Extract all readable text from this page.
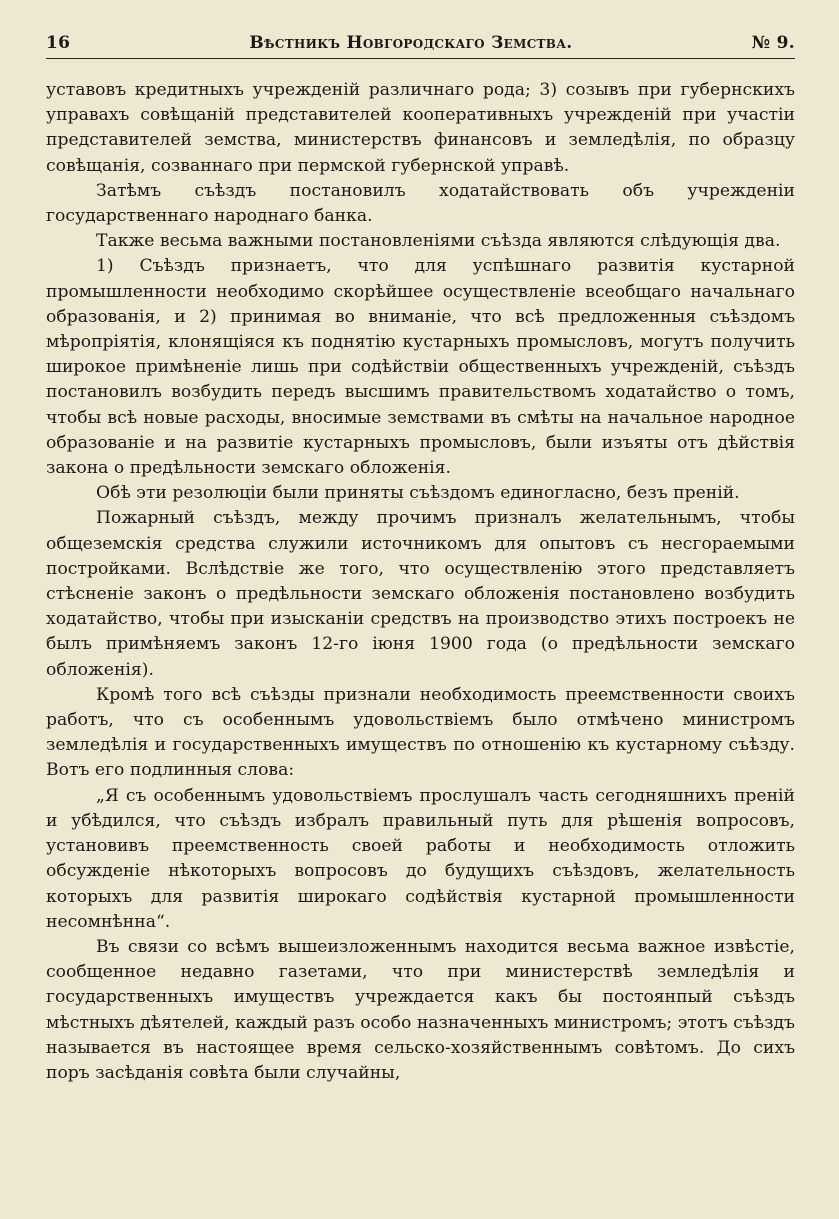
16	Вѣстникъ Новгородскаго Земства.	№ 9.

уставовъ кредитныхъ учрежденій различнаго рода; 3) созывъ при губернскихъ управахъ совѣщаній представителей кооперативныхъ учрежденій при участіи представителей земства, министерствъ финансовъ и земледѣлія, по образцу совѣщанія, созваннаго при пермской губернской управѣ.

Затѣмъ съѣздъ постановилъ ходатайствовать объ учрежденіи государственнаго народнаго банка.

Также весьма важными постановленіями съѣзда являются слѣдующія два.

1) Съѣздъ признаетъ, что для успѣшнаго развитія кустарной промышленности необходимо скорѣйшее осуществленіе всеобщаго начальнаго образованія, и 2) принимая во вниманіе, что всѣ предложенныя съѣздомъ мѣропріятія, клонящіяся къ поднятію кустарныхъ промысловъ, могутъ получить широкое примѣненіе лишь при содѣйствіи общественныхъ учрежденій, съѣздъ постановилъ возбудить передъ высшимъ правительствомъ ходатайство о томъ, чтобы всѣ новые расходы, вносимые земствами въ смѣты на начальное народное образованіе и на развитіе кустарныхъ промысловъ, были изъяты отъ дѣйствія закона о предѣльности земскаго обложенія.

Обѣ эти резолюціи были приняты съѣздомъ единогласно, безъ преній.

Пожарный съѣздъ, между прочимъ призналъ желательнымъ, чтобы общеземскія средства служили источникомъ для опытовъ съ несгораемыми постройками. Вслѣдствіе же того, что осуществленію этого представляетъ стѣсненіе законъ о предѣльности земскаго обложенія постановлено возбудить ходатайство, чтобы при изысканіи средствъ на производство этихъ построекъ не былъ примѣняемъ законъ 12-го іюня 1900 года (о предѣльности земскаго обложенія).

Кромѣ того всѣ съѣзды признали необходимость преемственности своихъ работъ, что съ особеннымъ удовольствіемъ было отмѣчено министромъ земледѣлія и государственныхъ имуществъ по отношенію къ кустарному съѣзду. Вотъ его подлинныя слова:

„Я съ особеннымъ удовольствіемъ прослушалъ часть сегодняшнихъ преній и убѣдился, что съѣздъ избралъ правильный путь для рѣшенія вопросовъ, установивъ преемственность своей работы и необходимость отложить обсужденіе нѣкоторыхъ вопросовъ до будущихъ съѣздовъ, желательность которыхъ для развитія широкаго содѣйствія кустарной промышленности несомнѣнна“.

Въ связи со всѣмъ вышеизложеннымъ находится весьма важное извѣстіе, сообщенное недавно газетами, что при министерствѣ земледѣлія и государственныхъ имуществъ учреждается какъ бы постоянпый съѣздъ мѣстныхъ дѣятелей, каждый разъ особо назначенныхъ министромъ; этотъ съѣздъ называется въ настоящее время сельско-хозяйственнымъ совѣтомъ. До сихъ поръ засѣданія совѣта были случайны,
